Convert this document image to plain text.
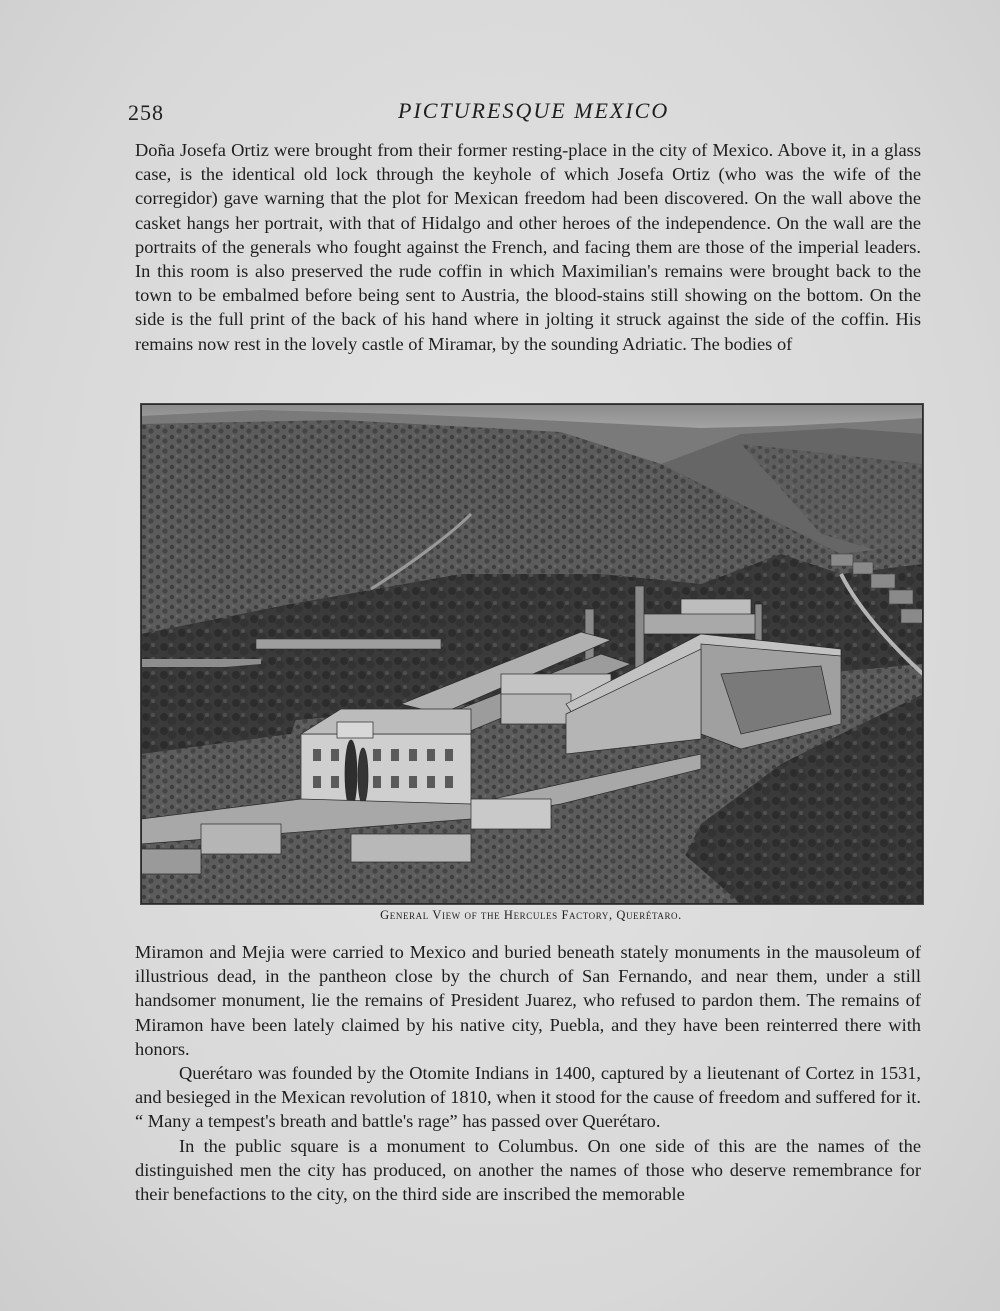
258	PICTURESQUE MEXICO

Doña Josefa Ortiz were brought from their former resting-place in the city of Mexico. Above it, in a glass case, is the identical old lock through the keyhole of which Josefa Ortiz (who was the wife of the corregidor) gave warning that the plot for Mexican freedom had been discovered. On the wall above the casket hangs her portrait, with that of Hidalgo and other heroes of the independence. On the wall are the portraits of the generals who fought against the French, and facing them are those of the imperial leaders. In this room is also preserved the rude coffin in which Maximilian's remains were brought back to the town to be embalmed before being sent to Austria, the blood-stains still showing on the bottom. On the side is the full print of the back of his hand where in jolting it struck against the side of the coffin. His remains now rest in the lovely castle of Miramar, by the sounding Adriatic. The bodies of

General View of the Hercules Factory, Querétaro.

Miramon and Mejia were carried to Mexico and buried beneath stately monuments in the mausoleum of illustrious dead, in the pantheon close by the church of San Fernando, and near them, under a still handsomer monument, lie the remains of President Juarez, who refused to pardon them. The remains of Miramon have been lately claimed by his native city, Puebla, and they have been reinterred there with honors.

Querétaro was founded by the Otomite Indians in 1400, captured by a lieutenant of Cortez in 1531, and besieged in the Mexican revolution of 1810, when it stood for the cause of freedom and suffered for it. “ Many a tempest's breath and battle's rage” has passed over Querétaro.

In the public square is a monument to Columbus. On one side of this are the names of the distinguished men the city has produced, on another the names of those who deserve remembrance for their benefactions to the city, on the third side are inscribed the memorable
